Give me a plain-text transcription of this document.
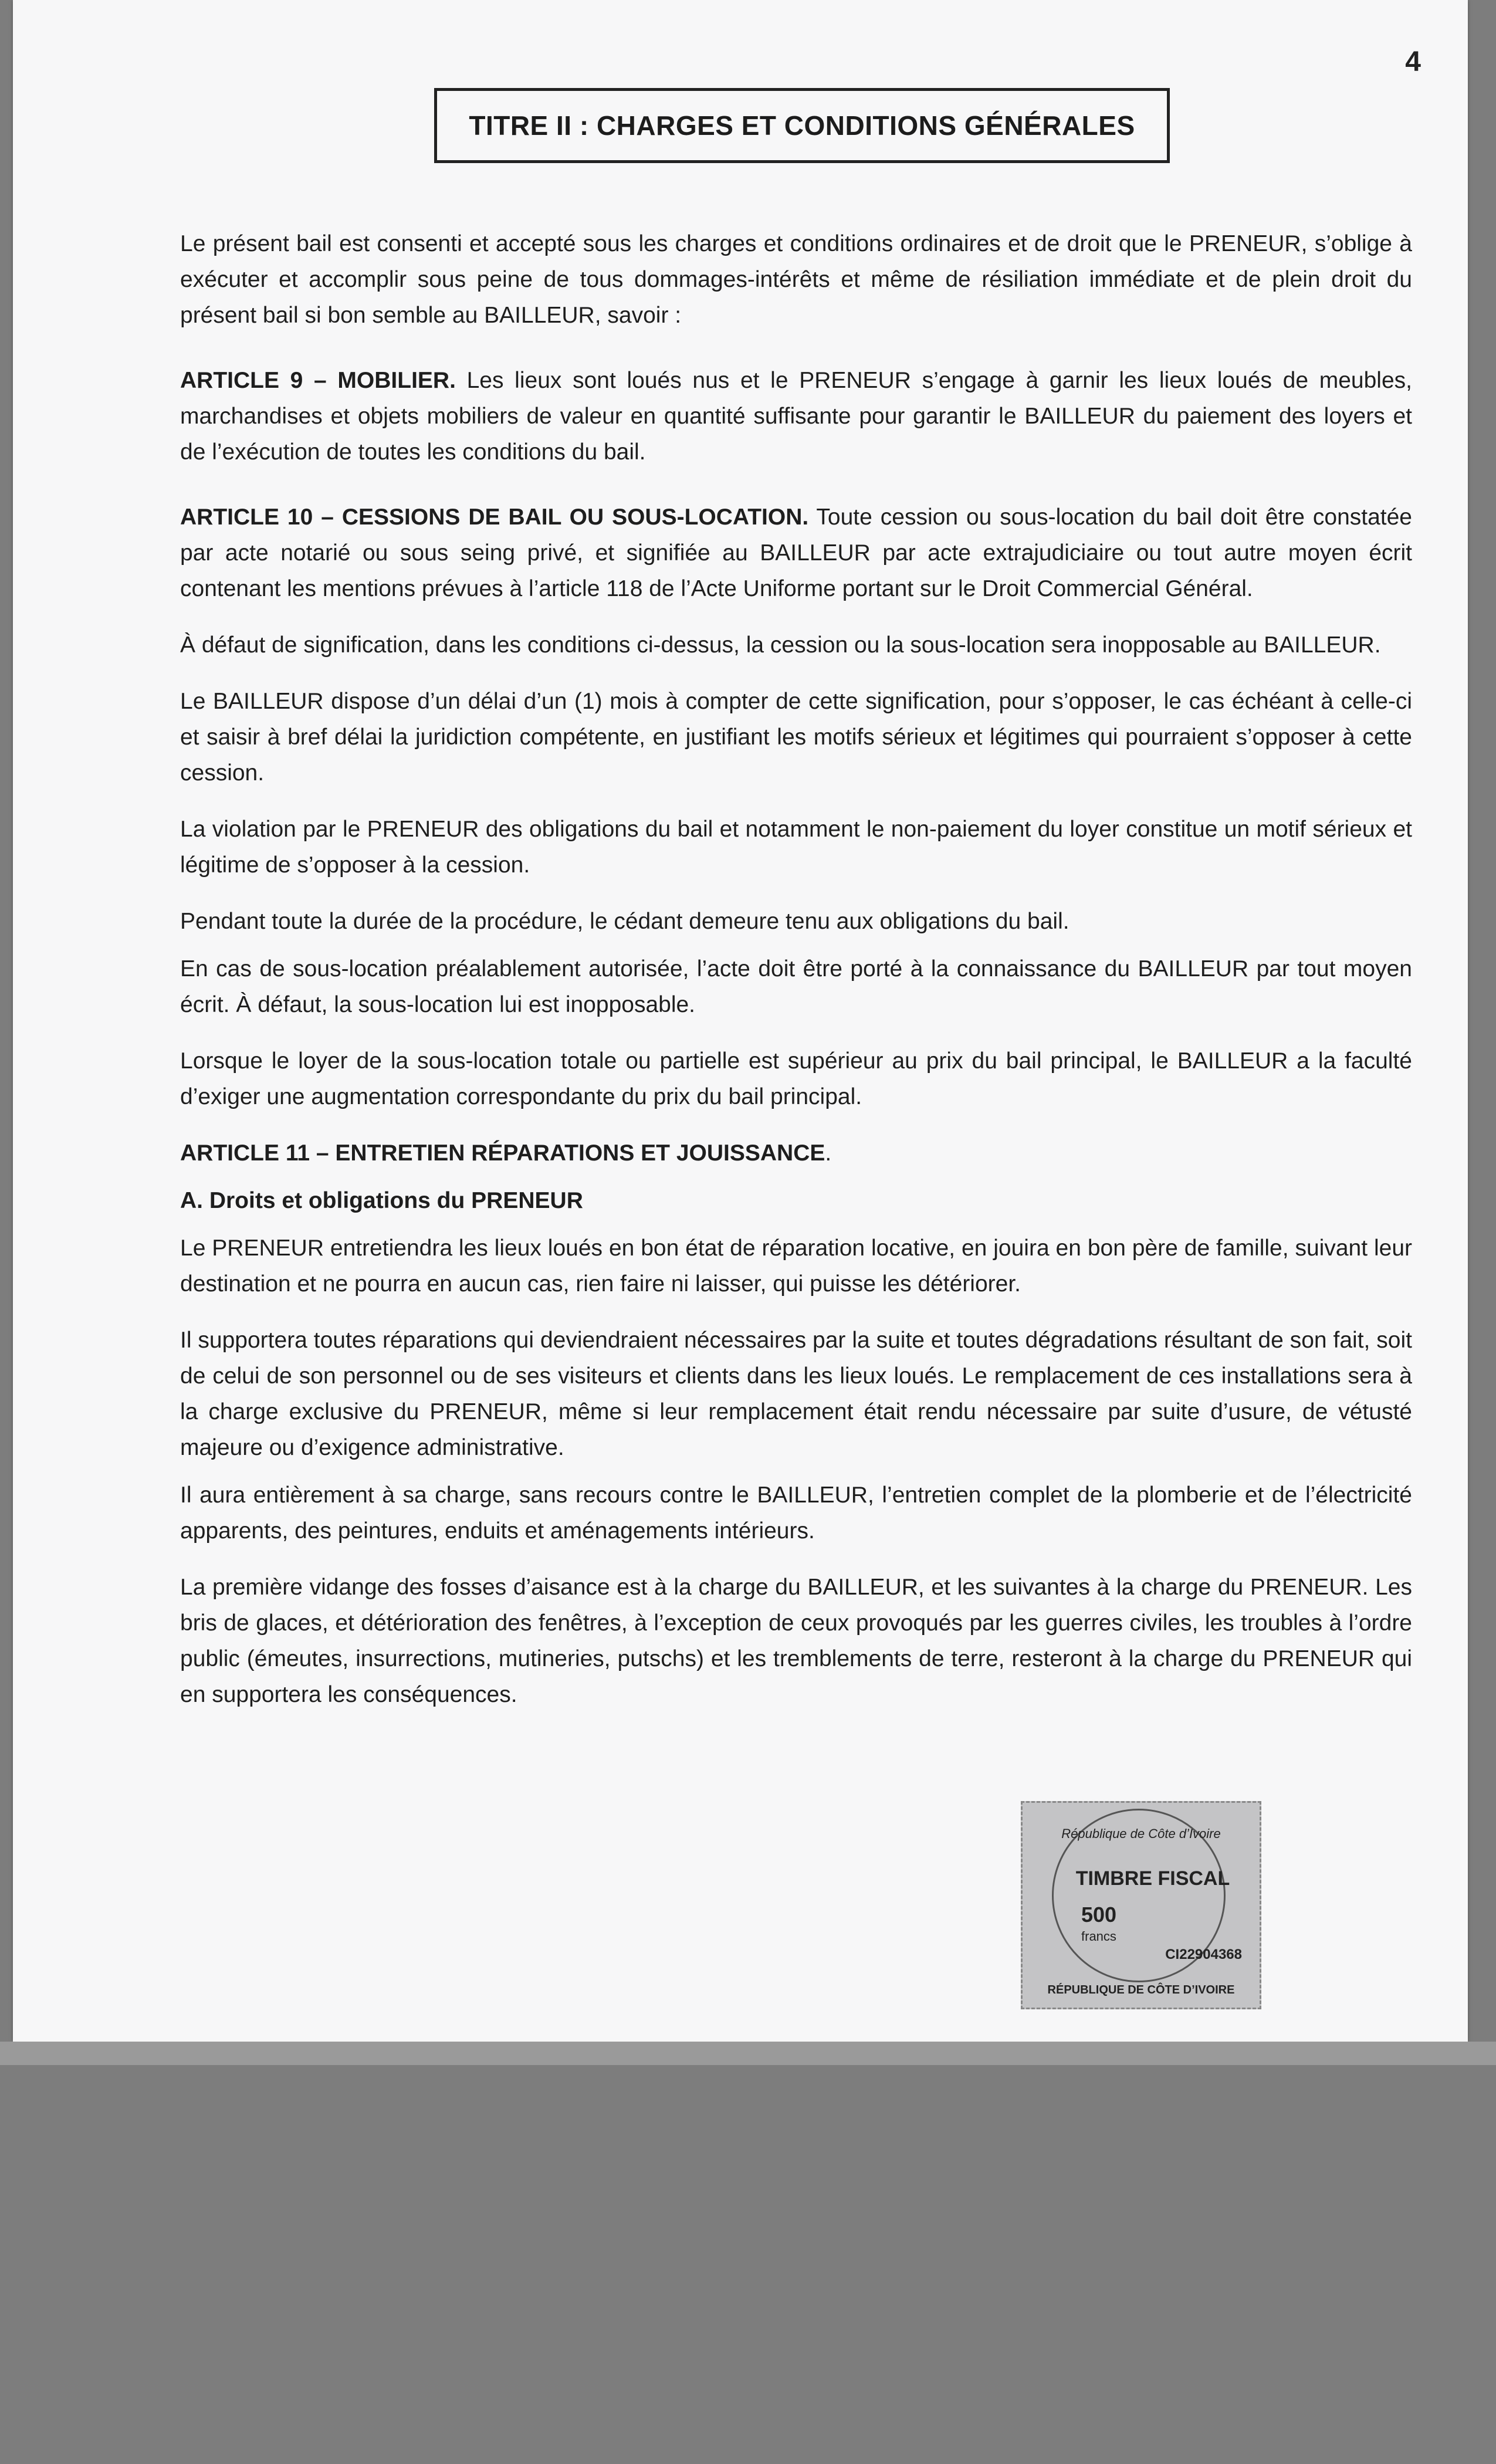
4
TITRE II : CHARGES ET CONDITIONS GÉNÉRALES

Le présent bail est consenti et accepté sous les charges et conditions ordinaires et de droit que le PRENEUR, s’oblige à exécuter et accomplir sous peine de tous dommages-intérêts et même de résiliation immédiate et de plein droit du présent bail si bon semble au BAILLEUR, savoir :

ARTICLE 9 – MOBILIER. Les lieux sont loués nus et le PRENEUR s’engage à garnir les lieux loués de meubles, marchandises et objets mobiliers de valeur en quantité suffisante pour garantir le BAILLEUR du paiement des loyers et de l’exécution de toutes les conditions du bail.

ARTICLE 10 – CESSIONS DE BAIL OU SOUS-LOCATION. Toute cession ou sous-location du bail doit être constatée par acte notarié ou sous seing privé, et signifiée au BAILLEUR par acte extrajudiciaire ou tout autre moyen écrit contenant les mentions prévues à l’article 118 de l’Acte Uniforme portant sur le Droit Commercial Général.

À défaut de signification, dans les conditions ci-dessus, la cession ou la sous-location sera inopposable au BAILLEUR.

Le BAILLEUR dispose d’un délai d’un (1) mois à compter de cette signification, pour s’opposer, le cas échéant à celle-ci et saisir à bref délai la juridiction compétente, en justifiant les motifs sérieux et légitimes qui pourraient s’opposer à cette cession.

La violation par le PRENEUR des obligations du bail et notamment le non-paiement du loyer constitue un motif sérieux et légitime de s’opposer à la cession.

Pendant toute la durée de la procédure, le cédant demeure tenu aux obligations du bail.

En cas de sous-location préalablement autorisée, l’acte doit être porté à la connaissance du BAILLEUR par tout moyen écrit. À défaut, la sous-location lui est inopposable.

Lorsque le loyer de la sous-location totale ou partielle est supérieur au prix du bail principal, le BAILLEUR a la faculté d’exiger une augmentation correspondante du prix du bail principal.

ARTICLE 11 – ENTRETIEN RÉPARATIONS ET JOUISSANCE.

A. Droits et obligations du PRENEUR

Le PRENEUR entretiendra les lieux loués en bon état de réparation locative, en jouira en bon père de famille, suivant leur destination et ne pourra en aucun cas, rien faire ni laisser, qui puisse les détériorer.

Il supportera toutes réparations qui deviendraient nécessaires par la suite et toutes dégradations résultant de son fait, soit de celui de son personnel ou de ses visiteurs et clients dans les lieux loués. Le remplacement de ces installations sera à la charge exclusive du PRENEUR, même si leur remplacement était rendu nécessaire par suite d’usure, de vétusté majeure ou d’exigence administrative.

Il aura entièrement à sa charge, sans recours contre le BAILLEUR, l’entretien complet de la plomberie et de l’électricité apparents, des peintures, enduits et aménagements intérieurs.

La première vidange des fosses d’aisance est à la charge du BAILLEUR, et les suivantes à la charge du PRENEUR. Les bris de glaces, et détérioration des fenêtres, à l’exception de ceux provoqués par les guerres civiles, les troubles à l’ordre public (émeutes, insurrections, mutineries, putschs) et les tremblements de terre, resteront à la charge du PRENEUR qui en supportera les conséquences.

République de Côte d’Ivoire
TIMBRE FISCAL
500
francs
CI22904368
RÉPUBLIQUE DE CÔTE D’IVOIRE
